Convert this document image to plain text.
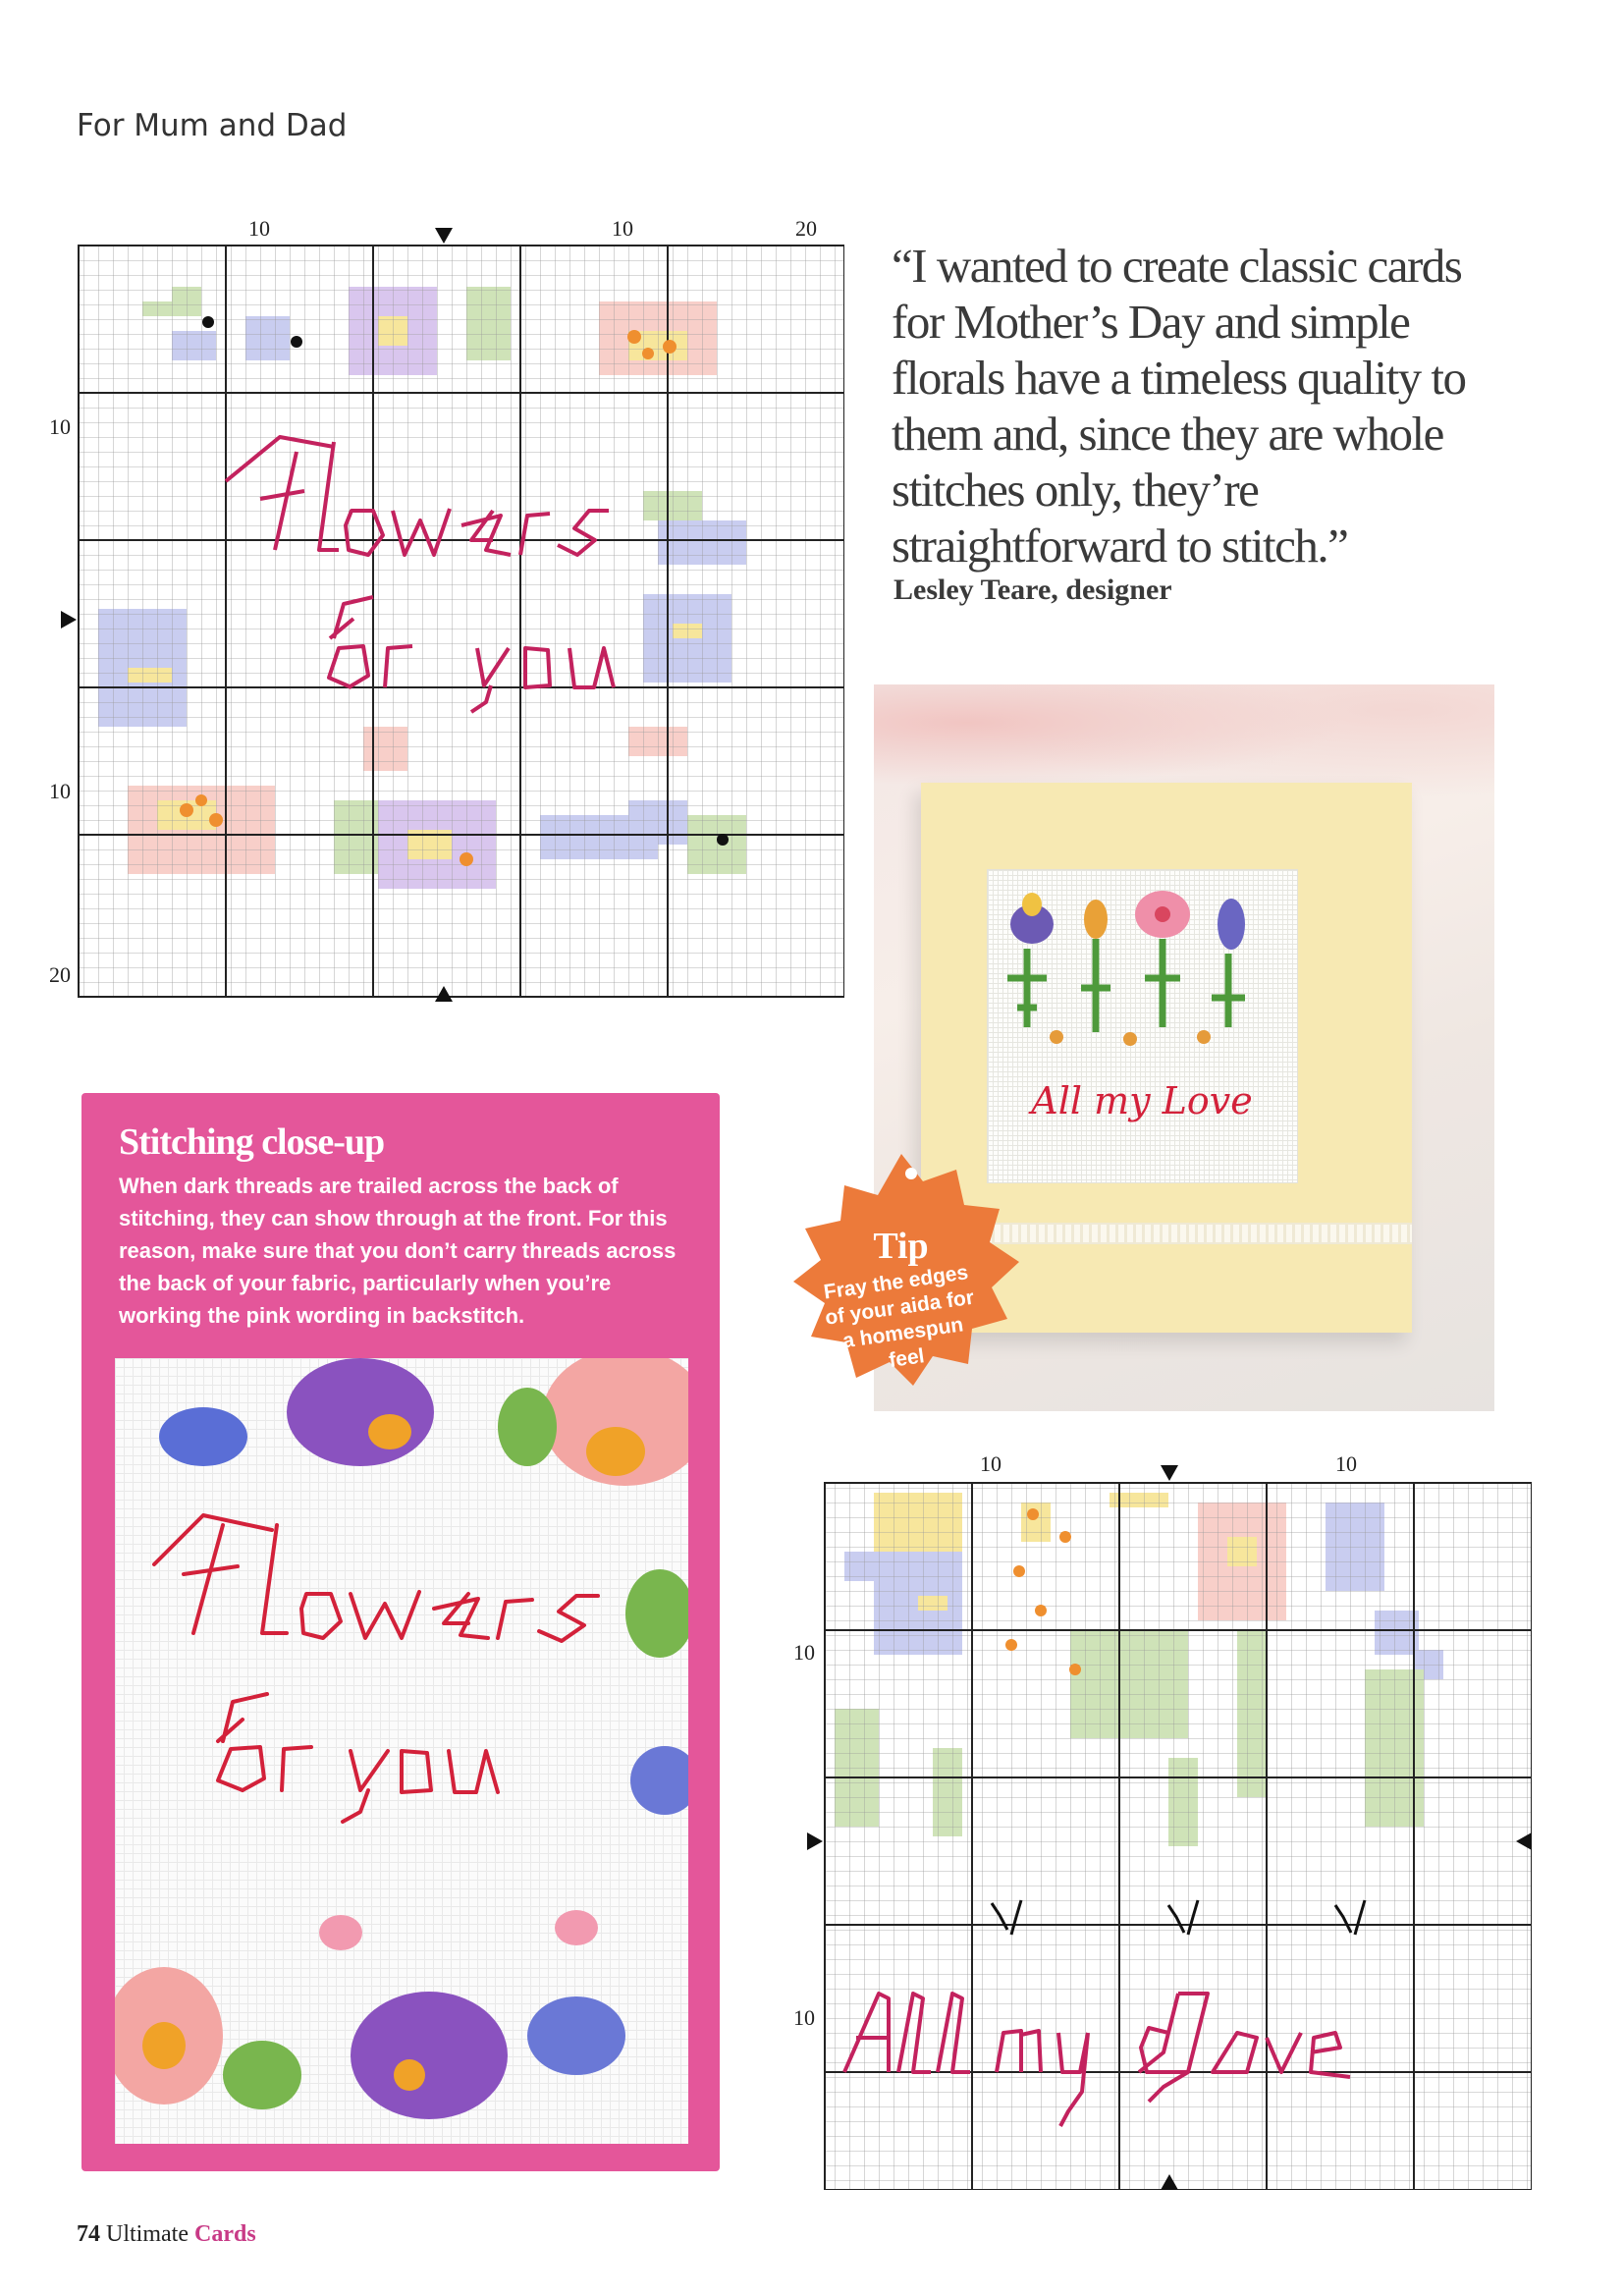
For Mum and Dad
10	10	20
10
10
20
“I wanted to create classic cards for Mother’s Day and simple florals have a timeless quality to them and, since they are whole stitches only, they’re straightforward to stitch.”
Lesley Teare, designer
All my Love
Tip
Fray the edges of your aida for a homespun feel
Stitching close-up
When dark threads are trailed across the back of stitching, they can show through at the front. For this reason, make sure that you don’t carry threads across the back of your fabric, particularly when you’re working the pink wording in backstitch.
10	10
10
10
74 Ultimate Cards
